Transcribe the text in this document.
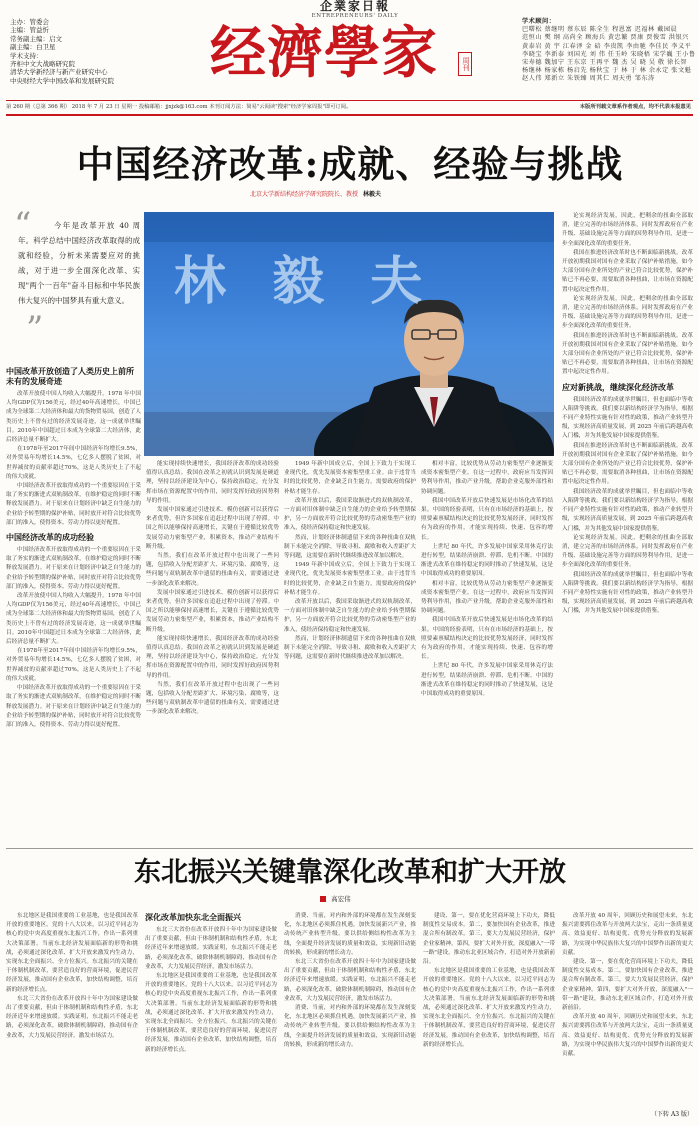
主办：管委会
主编：管益忻
常务副主编：启文
副主编：白卫星
学术支持：
齐柜中文大战略研究院
清华大学新经济与新产业研究中心
中央财经大学中国改革和发展研究院
企業家日報
ENTREPRENEURS' DAILY
经濟學家	周刊
学术顾问：
巴曙松 蔡继明 蔡东辰 陈全生 程恩富 迟福林 戴园晨
范恒山 樊 纲 高尚全 顾海兵 黄忠繁 贾康 贾俊雪 洪银兴
黄泰岩 黄 宇 江春泽 金 碚 李贵凯 李由驰 李佳民 李义平
李晓宝 李新泰 刘国光 刘 伟 任玉岭 宋晓梧 宋学巍 王小鲁
宋寿德 魏加宁 王东京 王再平 魏 杰 吴 晓 吴 敬 徐长智
杨继林 杨家栋 杨启先 杨秋宝 于 林 于 林 余永定 张文魁
赵人伟 郑新立 朱铁臻 周其仁 周天勇 邹东涛
第 260 期（总第 366 期） 2018 年 7 月 23 日 星期一 投稿邮箱：jjxjzk@163.com 本刊订阅方法：简易"云阅读"搜索"经济学家周报"即可订阅。	本版所刊载文章系作者观点，均不代表本报意见
中国经济改革:成就、经验与挑战
北京大学新结构经济学研究院院长、教授 林毅夫
“	今年是改革开放 40 周年。科学总结中国经济改革取得的成就和经验，分析未来需要应对的挑战，对于进一步全面深化改革、实现"两个一百年"奋斗目标和中华民族伟大复兴的中国梦具有重大意义。
”
林 毅 夫
中国改革开放创造了人类历史上前所未有的发展奇迹
改革开放使中国人均收入大幅提升。1978 年中国人均GDP仅为156美元，经过40年高速增长，中国已成为全球第二大经济体和最大的货物贸易国，创造了人类历史上不曾有过的经济发展奇迹，这一成就举世瞩目。2010年中国超过日本成为全球第二大经济体，此后经济总量不断扩大。
在1978年至2017年间中国经济年均增长9.5%，对外贸易年均增长14.5%，七亿多人摆脱了贫困，对世界减贫的贡献率超过70%，这是人类历史上了不起的伟大成就。
中国经济改革开放取得成功的一个重要原因在于采取了务实的渐进式双轨制改革，在维护稳定的同时不断释放发展潜力。对于原来在计划经济中缺乏自生能力的企业给予转型期的保护补贴，同时放开对符合比较优势部门的准入，使得资本、劳动力得以更好配置。
中国经济改革的成功经验
中国经济改革开放取得成功的一个重要原因在于采取了务实的渐进式双轨制改革，在维护稳定的同时不断释放发展潜力。对于原来在计划经济中缺乏自生能力的企业给予转型期的保护补贴，同时放开对符合比较优势部门的准入，使得资本、劳动力得以更好配置。
改革开放使中国人均收入大幅提升。1978 年中国人均GDP仅为156美元，经过40年高速增长，中国已成为全球第二大经济体和最大的货物贸易国，创造了人类历史上不曾有过的经济发展奇迹，这一成就举世瞩目。2010年中国超过日本成为全球第二大经济体，此后经济总量不断扩大。
在1978年至2017年间中国经济年均增长9.5%，对外贸易年均增长14.5%，七亿多人摆脱了贫困，对世界减贫的贡献率超过70%，这是人类历史上了不起的伟大成就。
中国经济改革开放取得成功的一个重要原因在于采取了务实的渐进式双轨制改革，在维护稳定的同时不断释放发展潜力。对于原来在计划经济中缺乏自生能力的企业给予转型期的保护补贴，同时放开对符合比较优势部门的准入，使得资本、劳动力得以更好配置。
能实现持续快速增长，我国经济改革的成功经验值得认真总结。我国在改革之初就认识到发展是硬道理，坚持以经济建设为中心，保持政治稳定，充分发挥市场在资源配置中的作用，同时发挥好政府因势利导的作用。
发展中国家通过引进技术、模仿创新可以获得后来者优势，但许多国家在追赶过程中出现了停滞。中国之所以能够保持高速增长，关键在于遵循比较优势发展劳动力密集型产业，积累资本，推动产业结构不断升级。
当然，我们在改革开放过程中也出现了一些问题，包括收入分配差距扩大、环境污染、腐败等，这些问题与双轨制改革中遗留的扭曲有关，需要通过进一步深化改革来解决。
发展中国家通过引进技术、模仿创新可以获得后来者优势，但许多国家在追赶过程中出现了停滞。中国之所以能够保持高速增长，关键在于遵循比较优势发展劳动力密集型产业，积累资本，推动产业结构不断升级。
能实现持续快速增长，我国经济改革的成功经验值得认真总结。我国在改革之初就认识到发展是硬道理，坚持以经济建设为中心，保持政治稳定，充分发挥市场在资源配置中的作用，同时发挥好政府因势利导的作用。
当然，我们在改革开放过程中也出现了一些问题，包括收入分配差距扩大、环境污染、腐败等，这些问题与双轨制改革中遗留的扭曲有关，需要通过进一步深化改革来解决。
1949 年新中国成立后，全国上下致力于实现工业现代化，优先发展资本密集型重工业。由于违背当时的比较优势，企业缺乏自生能力，需要政府的保护补贴才能生存。
改革开放以后，我国采取渐进式的双轨制改革，一方面对旧体制中缺乏自生能力的企业给予转型期保护，另一方面放开符合比较优势的劳动密集型产业的准入，使经济保持稳定和快速发展。
然而，计划经济体制遗留下来的各种扭曲在双轨制下未能完全消除，导致寻租、腐败和收入差距扩大等问题，这需要在新时代继续推进改革加以解决。
1949 年新中国成立后，全国上下致力于实现工业现代化，优先发展资本密集型重工业。由于违背当时的比较优势，企业缺乏自生能力，需要政府的保护补贴才能生存。
改革开放以后，我国采取渐进式的双轨制改革，一方面对旧体制中缺乏自生能力的企业给予转型期保护，另一方面放开符合比较优势的劳动密集型产业的准入，使经济保持稳定和快速发展。
然而，计划经济体制遗留下来的各种扭曲在双轨制下未能完全消除，导致寻租、腐败和收入差距扩大等问题，这需要在新时代继续推进改革加以解决。
相对丰富，比较优势从劳动力密集型产业逐渐变成资本密集型产业。在这一过程中，政府应当发挥因势利导作用，推动产业升级，帮助企业克服外部性和协调问题。
我国中国改革开放后快速发展是市场化改革的结果。中国的经验表明，只有在市场经济的基础上，按照要素禀赋结构决定的比较优势发展经济，同时发挥有为政府的作用，才能实现持续、快速、包容的增长。
上世纪 80 年代，许多发展中国家采用休克疗法进行转型，结果经济崩溃、停滞、危机不断。中国的渐进式改革在维持稳定的同时推动了快速发展，这是中国取得成功的重要原因。
相对丰富，比较优势从劳动力密集型产业逐渐变成资本密集型产业。在这一过程中，政府应当发挥因势利导作用，推动产业升级，帮助企业克服外部性和协调问题。
我国中国改革开放后快速发展是市场化改革的结果。中国的经验表明，只有在市场经济的基础上，按照要素禀赋结构决定的比较优势发展经济，同时发挥有为政府的作用，才能实现持续、快速、包容的增长。
上世纪 80 年代，许多发展中国家采用休克疗法进行转型，结果经济崩溃、停滞、危机不断。中国的渐进式改革在维持稳定的同时推动了快速发展，这是中国取得成功的重要原因。
论实现经济发展，因此，把剩余的扭曲全部取消，建立完善的市场经济体系，同时发挥政府在产业升级、基础设施完善等方面的因势利导作用，是进一步全面深化改革的重要任务。
我国在推进经济改革时也不断面临新挑战。改革开放初期我国对国有企业采取了保护补贴措施，如今大部分国有企业所处的产业已符合比较优势，保护补贴已不再必要，需要取消各种扭曲，让市场在资源配置中起决定性作用。
论实现经济发展，因此，把剩余的扭曲全部取消，建立完善的市场经济体系，同时发挥政府在产业升级、基础设施完善等方面的因势利导作用，是进一步全面深化改革的重要任务。
我国在推进经济改革时也不断面临新挑战。改革开放初期我国对国有企业采取了保护补贴措施，如今大部分国有企业所处的产业已符合比较优势，保护补贴已不再必要，需要取消各种扭曲，让市场在资源配置中起决定性作用。
应对新挑战，继续深化经济改革
我国经济改革的成就举世瞩目，但也面临中等收入陷阱等挑战。我们要以新结构经济学为指导，根据不同产业特性实施有针对性的政策，推动产业转型升级，实现经济高质量发展，到 2025 年前后跨越高收入门槛，并为其他发展中国家提供借鉴。
我国在推进经济改革时也不断面临新挑战。改革开放初期我国对国有企业采取了保护补贴措施，如今大部分国有企业所处的产业已符合比较优势，保护补贴已不再必要，需要取消各种扭曲，让市场在资源配置中起决定性作用。
我国经济改革的成就举世瞩目，但也面临中等收入陷阱等挑战。我们要以新结构经济学为指导，根据不同产业特性实施有针对性的政策，推动产业转型升级，实现经济高质量发展，到 2025 年前后跨越高收入门槛，并为其他发展中国家提供借鉴。
论实现经济发展，因此，把剩余的扭曲全部取消，建立完善的市场经济体系，同时发挥政府在产业升级、基础设施完善等方面的因势利导作用，是进一步全面深化改革的重要任务。
我国经济改革的成就举世瞩目，但也面临中等收入陷阱等挑战。我们要以新结构经济学为指导，根据不同产业特性实施有针对性的政策，推动产业转型升级，实现经济高质量发展，到 2025 年前后跨越高收入门槛，并为其他发展中国家提供借鉴。
东北振兴关键靠深化改革和扩大开放
高宏伟
东北地区是我国重要的工业基地，也是我国改革开放的重要地区。党的十八大以来，以习近平同志为核心的党中央高度重视东北振兴工作，作出一系列重大决策部署。当前东北经济发展面临新的形势和挑战，必须通过深化改革、扩大开放来激发内生动力，实现东北全面振兴、全方位振兴。东北振兴的关键在于体制机制改革，要营造良好的营商环境，促进民营经济发展，推动国有企业改革，加快结构调整，培育新的经济增长点。
东北三大省份在改革开放四十年中为国家建设做出了重要贡献，但由于体制机制和结构性矛盾，东北经济近年来增速放缓。实践证明，东北振兴不能走老路，必须深化改革，破除体制机制障碍，推动国有企业改革，大力发展民营经济，激发市场活力。
深化改革加快东北全面振兴
东北三大省份在改革开放四十年中为国家建设做出了重要贡献，但由于体制机制和结构性矛盾，东北经济近年来增速放缓。实践证明，东北振兴不能走老路，必须深化改革，破除体制机制障碍，推动国有企业改革，大力发展民营经济，激发市场活力。
东北地区是我国重要的工业基地，也是我国改革开放的重要地区。党的十八大以来，以习近平同志为核心的党中央高度重视东北振兴工作，作出一系列重大决策部署。当前东北经济发展面临新的形势和挑战，必须通过深化改革、扩大开放来激发内生动力，实现东北全面振兴、全方位振兴。东北振兴的关键在于体制机制改革，要营造良好的营商环境，促进民营经济发展，推动国有企业改革，加快结构调整，培育新的经济增长点。
消费、当前，对内和外部的环境都在发生深刻变化，东北地区必须抓住机遇，加快发展新兴产业，推动传统产业转型升级。要以供给侧结构性改革为主线，全面提升经济发展的质量和效益，实现新旧动能的转换，形成新的增长动力。
东北三大省份在改革开放四十年中为国家建设做出了重要贡献，但由于体制机制和结构性矛盾，东北经济近年来增速放缓。实践证明，东北振兴不能走老路，必须深化改革，破除体制机制障碍，推动国有企业改革，大力发展民营经济，激发市场活力。
消费、当前，对内和外部的环境都在发生深刻变化，东北地区必须抓住机遇，加快发展新兴产业，推动传统产业转型升级。要以供给侧结构性改革为主线，全面提升经济发展的质量和效益，实现新旧动能的转换，形成新的增长动力。
建设、第一，要在优化营商环境上下功夫，降低制度性交易成本。第二，要加快国有企业改革，推进混合所有制改革。第三，要大力发展民营经济，保护企业家精神。第四，要扩大对外开放，深度融入"一带一路"建设，推动东北亚区域合作，打造对外开放新前沿。
东北地区是我国重要的工业基地，也是我国改革开放的重要地区。党的十八大以来，以习近平同志为核心的党中央高度重视东北振兴工作，作出一系列重大决策部署。当前东北经济发展面临新的形势和挑战，必须通过深化改革、扩大开放来激发内生动力，实现东北全面振兴、全方位振兴。东北振兴的关键在于体制机制改革，要营造良好的营商环境，促进民营经济发展，推动国有企业改革，加快结构调整，培育新的经济增长点。
改革开放 40 周年，回顾历史和展望未来，东北振兴需要抓住改革与开放两大法宝，走出一条质量更高、效益更好、结构更优、优势充分释放的发展新路，为实现中华民族伟大复兴的中国梦作出新的更大贡献。
建设、第一，要在优化营商环境上下功夫，降低制度性交易成本。第二，要加快国有企业改革，推进混合所有制改革。第三，要大力发展民营经济，保护企业家精神。第四，要扩大对外开放，深度融入"一带一路"建设，推动东北亚区域合作，打造对外开放新前沿。
改革开放 40 周年，回顾历史和展望未来，东北振兴需要抓住改革与开放两大法宝，走出一条质量更高、效益更好、结构更优、优势充分释放的发展新路，为实现中华民族伟大复兴的中国梦作出新的更大贡献。
（下转 A3 版）
